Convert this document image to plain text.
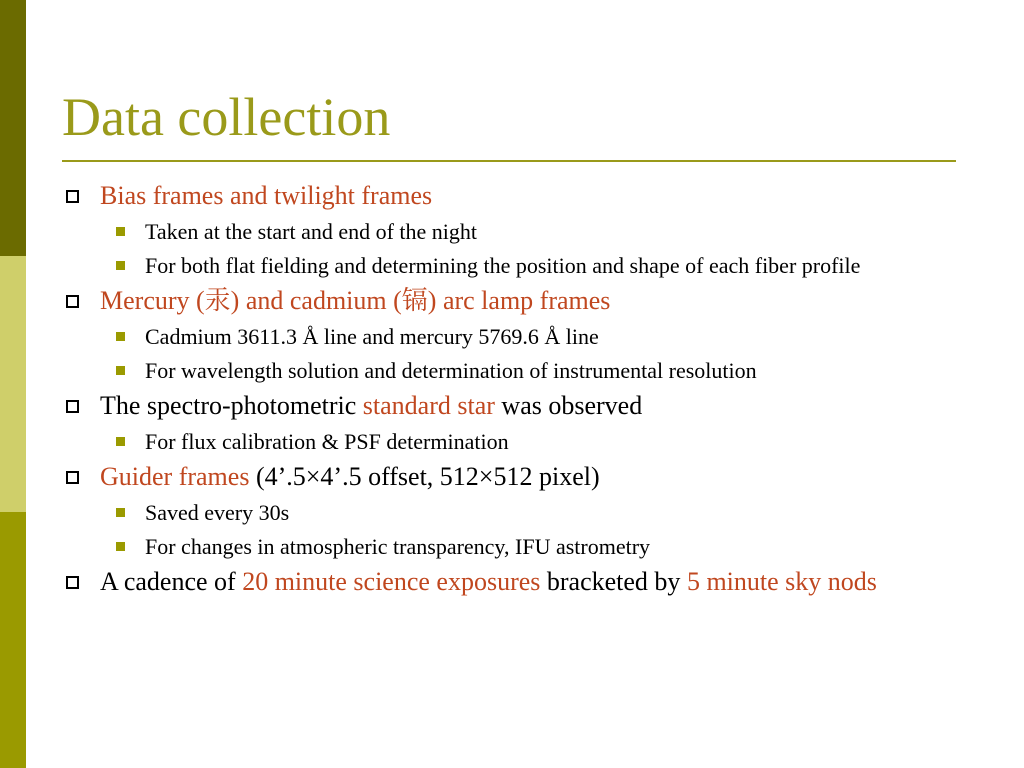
Data collection
Bias frames and twilight frames
Taken at the start and end of the night
For both flat fielding and determining the position and shape of each fiber profile
Mercury (汞) and cadmium (镉) arc lamp frames
Cadmium 3611.3 Å line and mercury 5769.6 Å line
For wavelength solution and determination of instrumental resolution
The spectro-photometric standard star was observed
For flux calibration & PSF determination
Guider frames (4’.5×4’.5 offset, 512×512 pixel)
Saved every 30s
For changes in atmospheric transparency, IFU astrometry
A cadence of 20 minute science exposures bracketed by 5 minute sky nods
